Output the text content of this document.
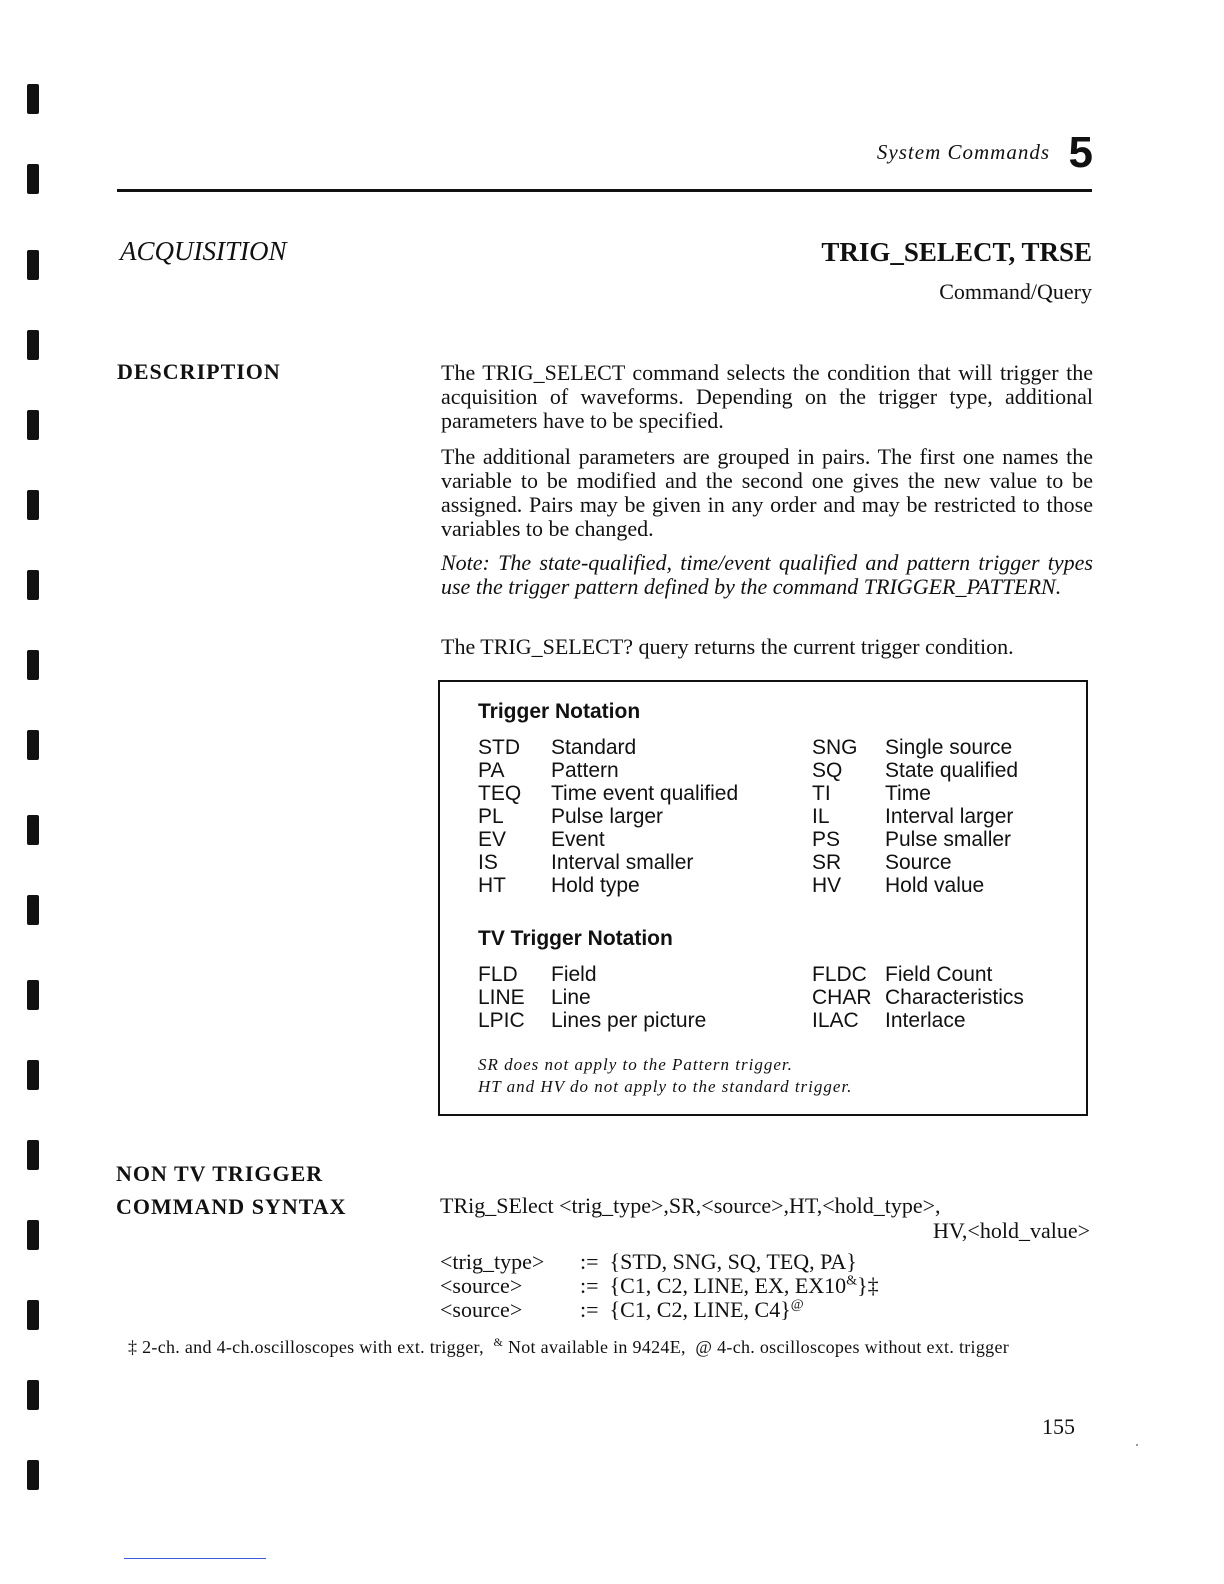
System Commands 5
ACQUISITION	TRIG_SELECT, TRSE
Command/Query
DESCRIPTION	The TRIG_SELECT command selects the condition that will trigger the acquisition of waveforms. Depending on the trigger type, additional parameters have to be specified.

The additional parameters are grouped in pairs. The first one names the variable to be modified and the second one gives the new value to be assigned. Pairs may be given in any order and may be restricted to those variables to be changed.

Note: The state-qualified, time/event qualified and pattern trigger types use the trigger pattern defined by the command TRIGGER_PATTERN.

The TRIG_SELECT? query returns the current trigger condition.

Trigger Notation
STD	Standard	SNG	Single source
PA	Pattern	SQ	State qualified
TEQ	Time event qualified	TI	Time
PL	Pulse larger	IL	Interval larger
EV	Event	PS	Pulse smaller
IS	Interval smaller	SR	Source
HT	Hold type	HV	Hold value
TV Trigger Notation
FLD	Field	FLDC Field Count
LINE	Line	CHAR Characteristics
LPIC	Lines per picture	ILAC	Interlace
SR does not apply to the Pattern trigger.
HT and HV do not apply to the standard trigger.
NON TV TRIGGER
COMMAND SYNTAX	TRig_SElect <trig_type>,SR,<source>,HT,<hold_type>,
HV,<hold_value>
<trig_type> := {STD, SNG, SQ, TEQ, PA}
<source>	:= {C1, C2, LINE, EX, EX10&}‡
<source>	:= {C1, C2, LINE, C4}@
‡ 2-ch. and 4-ch.oscilloscopes with ext. trigger, & Not available in 9424E, @ 4-ch. oscilloscopes without ext. trigger
155
